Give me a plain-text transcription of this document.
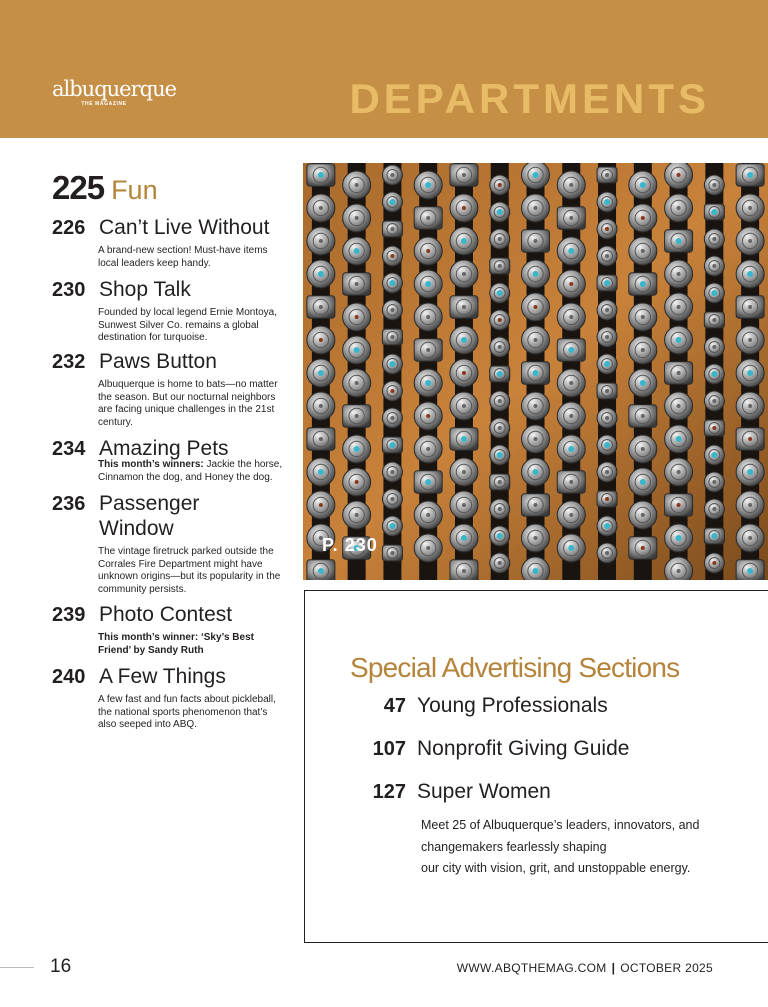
albuquerque
THE MAGAZINE	DEPARTMENTS
225 Fun
226 Can’t Live Without
A brand-new section! Must-have items local leaders keep handy.
230 Shop Talk
Founded by local legend Ernie Montoya, Sunwest Silver Co. remains a global destination for turquoise.
232 Paws Button
Albuquerque is home to bats—no matter the season. But our nocturnal neighbors are facing unique challenges in the 21st century.
234 Amazing Pets
This month’s winners: Jackie the horse, Cinnamon the dog, and Honey the dog.
236 Passenger
Window
The vintage firetruck parked outside the Corrales Fire Department might have unknown origins—but its popularity in the community persists.
239 Photo Contest
This month’s winner: ‘Sky’s Best Friend’ by Sandy Ruth
240 A Few Things
A few fast and fun facts about pickleball, the national sports phenomenon that’s also seeped into ABQ.
P. 230
Special Advertising Sections
47 Young Professionals
107 Nonprofit Giving Guide
127 Super Women
Meet 25 of Albuquerque’s leaders, innovators, and
changemakers fearlessly shaping
our city with vision, grit, and unstoppable energy.
16	WWW.ABQTHEMAG.COM | OCTOBER 2025
